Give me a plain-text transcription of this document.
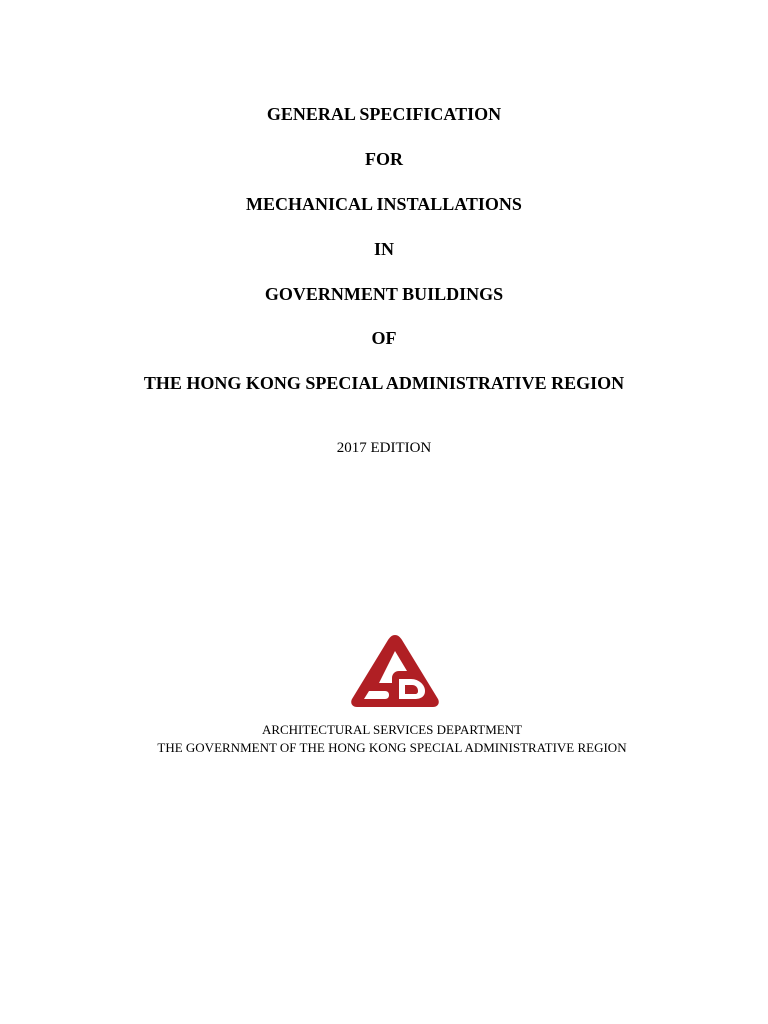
GENERAL SPECIFICATION
FOR
MECHANICAL INSTALLATIONS
IN
GOVERNMENT BUILDINGS
OF
THE HONG KONG SPECIAL ADMINISTRATIVE REGION
2017 EDITION
ARCHITECTURAL SERVICES DEPARTMENT
THE GOVERNMENT OF THE HONG KONG SPECIAL ADMINISTRATIVE REGION
